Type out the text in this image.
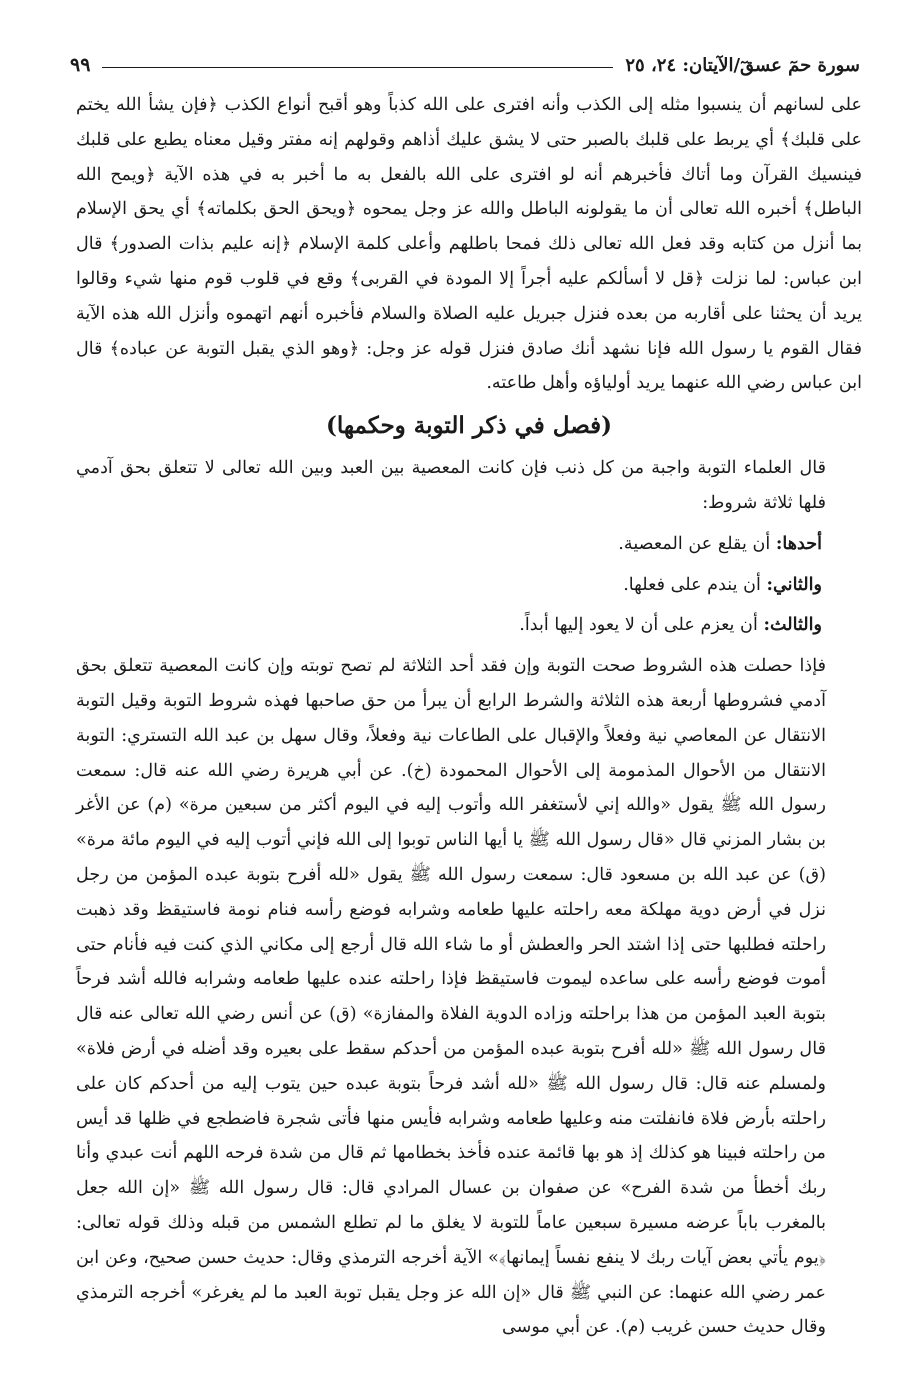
سورة حمٓ عسقٓ/الآيتان: ٢٤، ٢٥
٩٩

على لسانهم أن ينسبوا مثله إلى الكذب وأنه افترى على الله كذباً وهو أقبح أنواع الكذب ﴿فإن يشأ الله يختم على قلبك﴾ أي يربط على قلبك بالصبر حتى لا يشق عليك أذاهم وقولهم إنه مفتر وقيل معناه يطبع على قلبك فينسيك القرآن وما أتاك فأخبرهم أنه لو افترى على الله بالفعل به ما أخبر به في هذه الآية ﴿ويمح الله الباطل﴾ أخبره الله تعالى أن ما يقولونه الباطل والله عز وجل يمحوه ﴿ويحق الحق بكلماته﴾ أي يحق الإسلام بما أنزل من كتابه وقد فعل الله تعالى ذلك فمحا باطلهم وأعلى كلمة الإسلام ﴿إنه عليم بذات الصدور﴾ قال ابن عباس: لما نزلت ﴿قل لا أسألكم عليه أجراً إلا المودة في القربى﴾ وقع في قلوب قوم منها شيء وقالوا يريد أن يحثنا على أقاربه من بعده فنزل جبريل عليه الصلاة والسلام فأخبره أنهم اتهموه وأنزل الله هذه الآية فقال القوم يا رسول الله فإنا نشهد أنك صادق فنزل قوله عز وجل: ﴿وهو الذي يقبل التوبة عن عباده﴾ قال ابن عباس رضي الله عنهما يريد أولياؤه وأهل طاعته.

(فصل في ذكر التوبة وحكمها)

قال العلماء التوبة واجبة من كل ذنب فإن كانت المعصية بين العبد وبين الله تعالى لا تتعلق بحق آدمي فلها ثلاثة شروط:

أحدها: أن يقلع عن المعصية.

والثاني: أن يندم على فعلها.

والثالث: أن يعزم على أن لا يعود إليها أبداً.

فإذا حصلت هذه الشروط صحت التوبة وإن فقد أحد الثلاثة لم تصح توبته وإن كانت المعصية تتعلق بحق آدمي فشروطها أربعة هذه الثلاثة والشرط الرابع أن يبرأ من حق صاحبها فهذه شروط التوبة وقيل التوبة الانتقال عن المعاصي نية وفعلاً والإقبال على الطاعات نية وفعلاً، وقال سهل بن عبد الله التستري: التوبة الانتقال من الأحوال المذمومة إلى الأحوال المحمودة (خ). عن أبي هريرة رضي الله عنه قال: سمعت رسول الله ﷺ يقول «والله إني لأستغفر الله وأتوب إليه في اليوم أكثر من سبعين مرة» (م) عن الأغر بن بشار المزني قال «قال رسول الله ﷺ يا أيها الناس توبوا إلى الله فإني أتوب إليه في اليوم مائة مرة» (ق) عن عبد الله بن مسعود قال: سمعت رسول الله ﷺ يقول «لله أفرح بتوبة عبده المؤمن من رجل نزل في أرض دوية مهلكة معه راحلته عليها طعامه وشرابه فوضع رأسه فنام نومة فاستيقظ وقد ذهبت راحلته فطلبها حتى إذا اشتد الحر والعطش أو ما شاء الله قال أرجع إلى مكاني الذي كنت فيه فأنام حتى أموت فوضع رأسه على ساعده ليموت فاستيقظ فإذا راحلته عنده عليها طعامه وشرابه فالله أشد فرحاً بتوبة العبد المؤمن من هذا براحلته وزاده الدوية الفلاة والمفازة» (ق) عن أنس رضي الله تعالى عنه قال قال رسول الله ﷺ «لله أفرح بتوبة عبده المؤمن من أحدكم سقط على بعيره وقد أضله في أرض فلاة» ولمسلم عنه قال: قال رسول الله ﷺ «لله أشد فرحاً بتوبة عبده حين يتوب إليه من أحدكم كان على راحلته بأرض فلاة فانفلتت منه وعليها طعامه وشرابه فأيس منها فأتى شجرة فاضطجع في ظلها قد أيس من راحلته فبينا هو كذلك إذ هو بها قائمة عنده فأخذ بخطامها ثم قال من شدة فرحه اللهم أنت عبدي وأنا ربك أخطأ من شدة الفرح» عن صفوان بن عسال المرادي قال: قال رسول الله ﷺ «إن الله جعل بالمغرب باباً عرضه مسيرة سبعين عاماً للتوبة لا يغلق ما لم تطلع الشمس من قبله وذلك قوله تعالى: ﴿يوم يأتي بعض آيات ربك لا ينفع نفساً إيمانها﴾» الآية أخرجه الترمذي وقال: حديث حسن صحيح، وعن ابن عمر رضي الله عنهما: عن النبي ﷺ قال «إن الله عز وجل يقبل توبة العبد ما لم يغرغر» أخرجه الترمذي وقال حديث حسن غريب (م). عن أبي موسى
